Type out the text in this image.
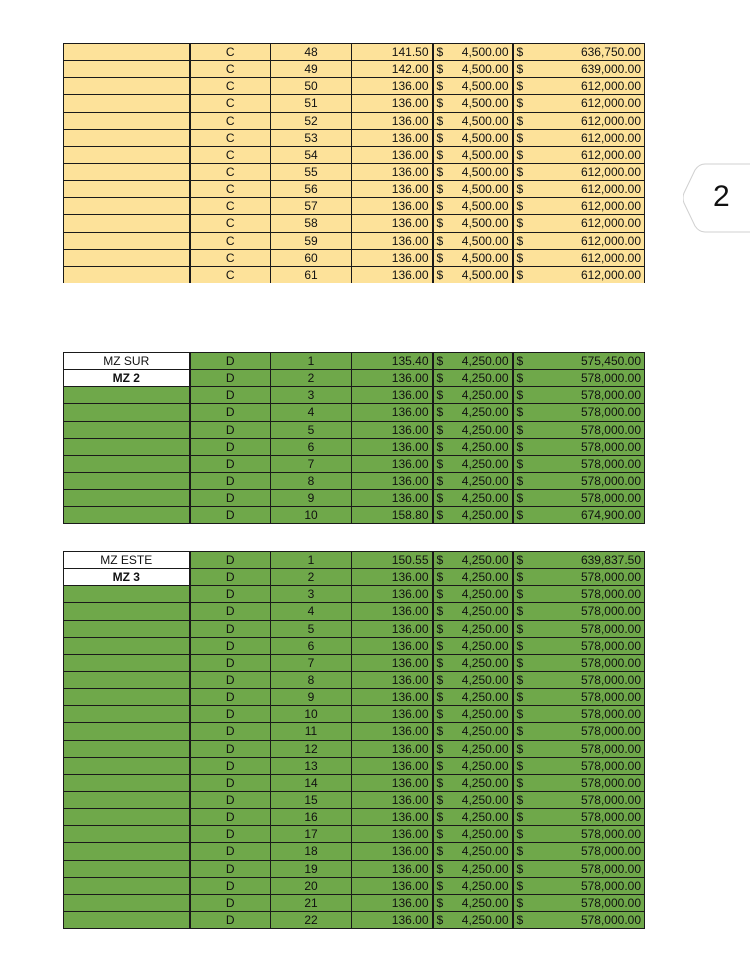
	C	48	141.50	$ 4,500.00	$ 636,750.00

	C	49	142.00	$ 4,500.00	$ 639,000.00

	C	50	136.00	$ 4,500.00	$ 612,000.00

	C	51	136.00	$ 4,500.00	$ 612,000.00

	C	52	136.00	$ 4,500.00	$ 612,000.00

	C	53	136.00	$ 4,500.00	$ 612,000.00

	C	54	136.00	$ 4,500.00	$ 612,000.00

	C	55	136.00	$ 4,500.00	$ 612,000.00

	C	56	136.00	$ 4,500.00	$ 612,000.00

	C	57	136.00	$ 4,500.00	$ 612,000.00

	C	58	136.00	$ 4,500.00	$ 612,000.00

	C	59	136.00	$ 4,500.00	$ 612,000.00

	C	60	136.00	$ 4,500.00	$ 612,000.00

	C	61	136.00	$ 4,500.00	$ 612,000.00
MZ SUR	D	1	135.40	$ 4,250.00	$ 575,450.00

MZ 2	D	2	136.00	$ 4,250.00	$ 578,000.00

	D	3	136.00	$ 4,250.00	$ 578,000.00

	D	4	136.00	$ 4,250.00	$ 578,000.00

	D	5	136.00	$ 4,250.00	$ 578,000.00

	D	6	136.00	$ 4,250.00	$ 578,000.00

	D	7	136.00	$ 4,250.00	$ 578,000.00

	D	8	136.00	$ 4,250.00	$ 578,000.00

	D	9	136.00	$ 4,250.00	$ 578,000.00

	D	10	158.80	$ 4,250.00	$ 674,900.00
MZ ESTE	D	1	150.55	$ 4,250.00	$ 639,837.50

MZ 3	D	2	136.00	$ 4,250.00	$ 578,000.00

	D	3	136.00	$ 4,250.00	$ 578,000.00

	D	4	136.00	$ 4,250.00	$ 578,000.00

	D	5	136.00	$ 4,250.00	$ 578,000.00

	D	6	136.00	$ 4,250.00	$ 578,000.00

	D	7	136.00	$ 4,250.00	$ 578,000.00

	D	8	136.00	$ 4,250.00	$ 578,000.00

	D	9	136.00	$ 4,250.00	$ 578,000.00

	D	10	136.00	$ 4,250.00	$ 578,000.00

	D	11	136.00	$ 4,250.00	$ 578,000.00

	D	12	136.00	$ 4,250.00	$ 578,000.00

	D	13	136.00	$ 4,250.00	$ 578,000.00

	D	14	136.00	$ 4,250.00	$ 578,000.00

	D	15	136.00	$ 4,250.00	$ 578,000.00

	D	16	136.00	$ 4,250.00	$ 578,000.00

	D	17	136.00	$ 4,250.00	$ 578,000.00

	D	18	136.00	$ 4,250.00	$ 578,000.00

	D	19	136.00	$ 4,250.00	$ 578,000.00

	D	20	136.00	$ 4,250.00	$ 578,000.00

	D	21	136.00	$ 4,250.00	$ 578,000.00

	D	22	136.00	$ 4,250.00	$ 578,000.00
2
